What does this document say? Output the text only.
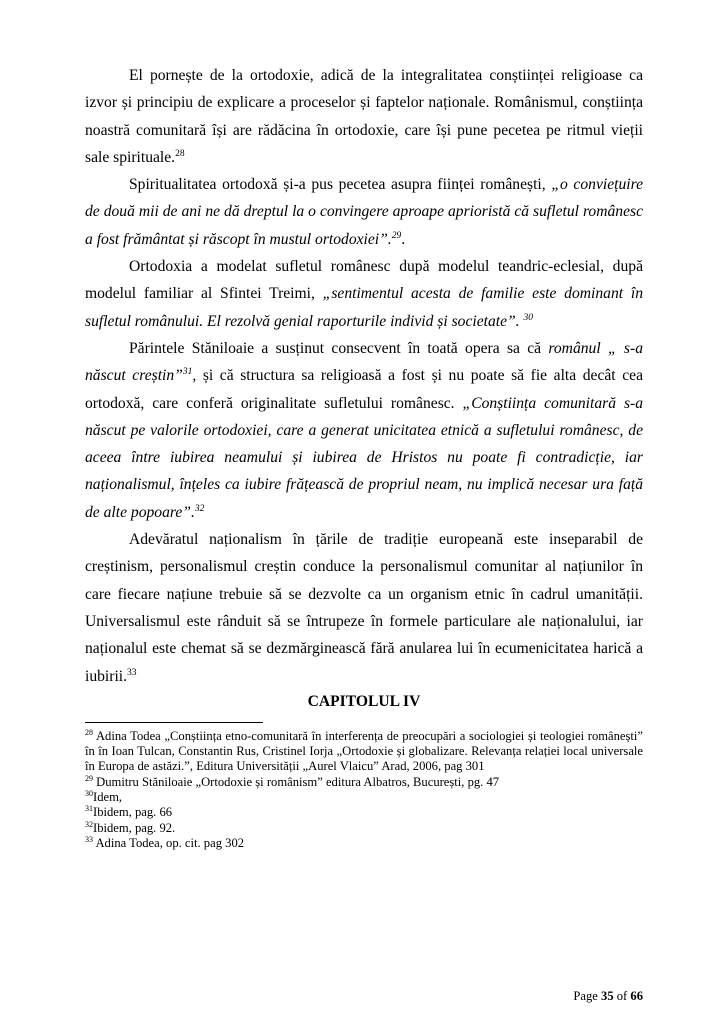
El pornește de la ortodoxie, adică de la integralitatea conștiinței religioase ca izvor și principiu de explicare a proceselor și faptelor naționale. Românismul, conștiința noastră comunitară își are rădăcina în ortodoxie, care își pune pecetea pe ritmul vieții sale spirituale.$^{28}$

Spiritualitatea ortodoxă și-a pus pecetea asupra ființei românești, „o conviețuire de două mii de ani ne dă dreptul la o convingere aproape aprioristă că sufletul românesc a fost frământat și răscopt în mustul ortodoxiei”.$^{29}$.

Ortodoxia a modelat sufletul românesc după modelul teandric-eclesial, după modelul familiar al Sfintei Treimi, „sentimentul acesta de familie este dominant în sufletul românului. El rezolvă genial raporturile individ și societate”. $^{30}$

Părintele Stăniloaie a susținut consecvent în toată opera sa că românul „ s-a născut creștin”$^{31}$, și că structura sa religioasă a fost și nu poate să fie alta decât cea ortodoxă, care conferă originalitate sufletului românesc. „Conștiința comunitară s-a născut pe valorile ortodoxiei, care a generat unicitatea etnică a sufletului românesc, de aceea între iubirea neamului și iubirea de Hristos nu poate fi contradicție, iar naționalismul, înțeles ca iubire frățească de propriul neam, nu implică necesar ura față de alte popoare”.$^{32}$

Adevăratul naționalism în țările de tradiție europeană este inseparabil de creștinism, personalismul creștin conduce la personalismul comunitar al națiunilor în care fiecare națiune trebuie să se dezvolte ca un organism etnic în cadrul umanității. Universalismul este rânduit să se întrupeze în formele particulare ale naționalului, iar naționalul este chemat să se dezmărginească fără anularea lui în ecumenicitatea harică a iubirii.$^{33}$

CAPITOLUL IV

$^{28}$ Adina Todea „Conștiința etno-comunitară în interferența de preocupări a sociologiei și teologiei românești” în în Ioan Tulcan, Constantin Rus, Cristinel Iorja „Ortodoxie și globalizare. Relevanța relației local universale în Europa de astăzi.”, Editura Universității „Aurel Vlaicu” Arad, 2006, pag 301

$^{29}$ Dumitru Stăniloaie „Ortodoxie și românism” editura Albatros, București, pg. 47

$^{30}$Idem,

$^{31}$Ibidem, pag. 66

$^{32}$Ibidem, pag. 92.

$^{33}$ Adina Todea, op. cit. pag 302

Page 35 of 66
